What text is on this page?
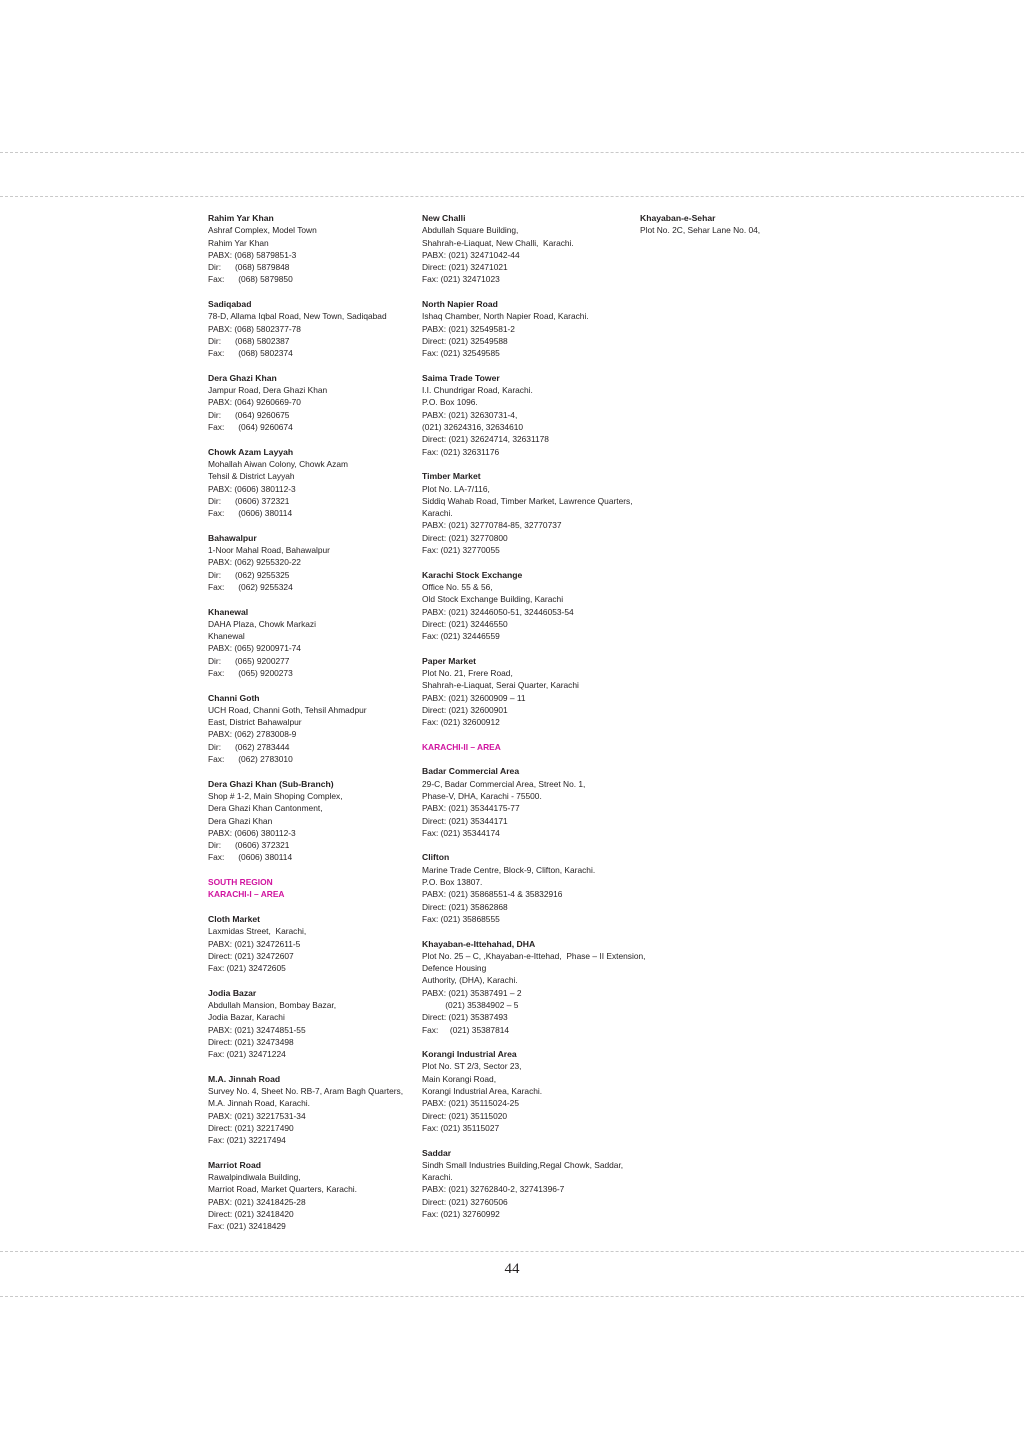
Rahim Yar Khan
Ashraf Complex, Model Town
Rahim Yar Khan
PABX: (068) 5879851-3
Dir:      (068) 5879848
Fax:      (068) 5879850
Sadiqabad
78-D, Allama Iqbal Road, New Town, Sadiqabad
PABX: (068) 5802377-78
Dir:      (068) 5802387
Fax:      (068) 5802374
Dera Ghazi Khan
Jampur Road, Dera Ghazi Khan
PABX: (064) 9260669-70
Dir:      (064) 9260675
Fax:      (064) 9260674
Chowk Azam Layyah
Mohallah Aiwan Colony, Chowk Azam
Tehsil & District Layyah
PABX: (0606) 380112-3
Dir:      (0606) 372321
Fax:      (0606) 380114
Bahawalpur
1-Noor Mahal Road, Bahawalpur
PABX: (062) 9255320-22
Dir:      (062) 9255325
Fax:      (062) 9255324
Khanewal
DAHA Plaza, Chowk Markazi
Khanewal
PABX: (065) 9200971-74
Dir:      (065) 9200277
Fax:      (065) 9200273
Channi Goth
UCH Road, Channi Goth, Tehsil Ahmadpur
East, District Bahawalpur
PABX: (062) 2783008-9
Dir:      (062) 2783444
Fax:      (062) 2783010
Dera Ghazi Khan (Sub-Branch)
Shop # 1-2, Main Shoping Complex,
Dera Ghazi Khan Cantonment,
Dera Ghazi Khan
PABX: (0606) 380112-3
Dir:      (0606) 372321
Fax:      (0606) 380114
SOUTH REGION
KARACHI-I – AREA
Cloth Market
Laxmidas Street,  Karachi,
PABX: (021) 32472611-5
Direct: (021) 32472607
Fax: (021) 32472605
Jodia Bazar
Abdullah Mansion, Bombay Bazar,
Jodia Bazar, Karachi
PABX: (021) 32474851-55
Direct: (021) 32473498
Fax: (021) 32471224
M.A. Jinnah Road
Survey No. 4, Sheet No. RB-7, Aram Bagh Quarters,
M.A. Jinnah Road, Karachi.
PABX: (021) 32217531-34
Direct: (021) 32217490
Fax: (021) 32217494
Marriot Road
Rawalpindiwala Building,
Marriot Road, Market Quarters, Karachi.
PABX: (021) 32418425-28
Direct: (021) 32418420
Fax: (021) 32418429
New Challi
Abdullah Square Building,
Shahrah-e-Liaquat, New Challi,  Karachi.
PABX: (021) 32471042-44
Direct: (021) 32471021
Fax: (021) 32471023
North Napier Road
Ishaq Chamber, North Napier Road, Karachi.
PABX: (021) 32549581-2
Direct: (021) 32549588
Fax: (021) 32549585
Saima Trade Tower
I.I. Chundrigar Road, Karachi.
P.O. Box 1096.
PABX: (021) 32630731-4,
(021) 32624316, 32634610
Direct: (021) 32624714, 32631178
Fax: (021) 32631176
Timber Market
Plot No. LA-7/116,
Siddiq Wahab Road, Timber Market, Lawrence Quarters,
Karachi.
PABX: (021) 32770784-85, 32770737
Direct: (021) 32770800
Fax: (021) 32770055
Karachi Stock Exchange
Office No. 55 & 56,
Old Stock Exchange Building, Karachi
PABX: (021) 32446050-51, 32446053-54
Direct: (021) 32446550
Fax: (021) 32446559
Paper Market
Plot No. 21, Frere Road,
Shahrah-e-Liaquat, Serai Quarter, Karachi
PABX: (021) 32600909 – 11
Direct: (021) 32600901
Fax: (021) 32600912
KARACHI-II – AREA
Badar Commercial Area
29-C, Badar Commercial Area, Street No. 1,
Phase-V, DHA, Karachi - 75500.
PABX: (021) 35344175-77
Direct: (021) 35344171
Fax: (021) 35344174
Clifton
Marine Trade Centre, Block-9, Clifton, Karachi.
P.O. Box 13807.
PABX: (021) 35868551-4 & 35832916
Direct: (021) 35862868
Fax: (021) 35868555
Khayaban-e-Ittehahad, DHA
Plot No. 25 – C, ,Khayaban-e-Ittehad,  Phase – II Extension,
Defence Housing
Authority, (DHA), Karachi.
PABX: (021) 35387491 – 2
(021) 35384902 – 5
Direct: (021) 35387493
Fax:     (021) 35387814
Korangi Industrial Area
Plot No. ST 2/3, Sector 23,
Main Korangi Road,
Korangi Industrial Area, Karachi.
PABX: (021) 35115024-25
Direct: (021) 35115020
Fax: (021) 35115027
Saddar
Sindh Small Industries Building,Regal Chowk, Saddar,
Karachi.
PABX: (021) 32762840-2, 32741396-7
Direct: (021) 32760506
Fax: (021) 32760992
Khayaban-e-Sehar
Plot No. 2C, Sehar Lane No. 04,
44
